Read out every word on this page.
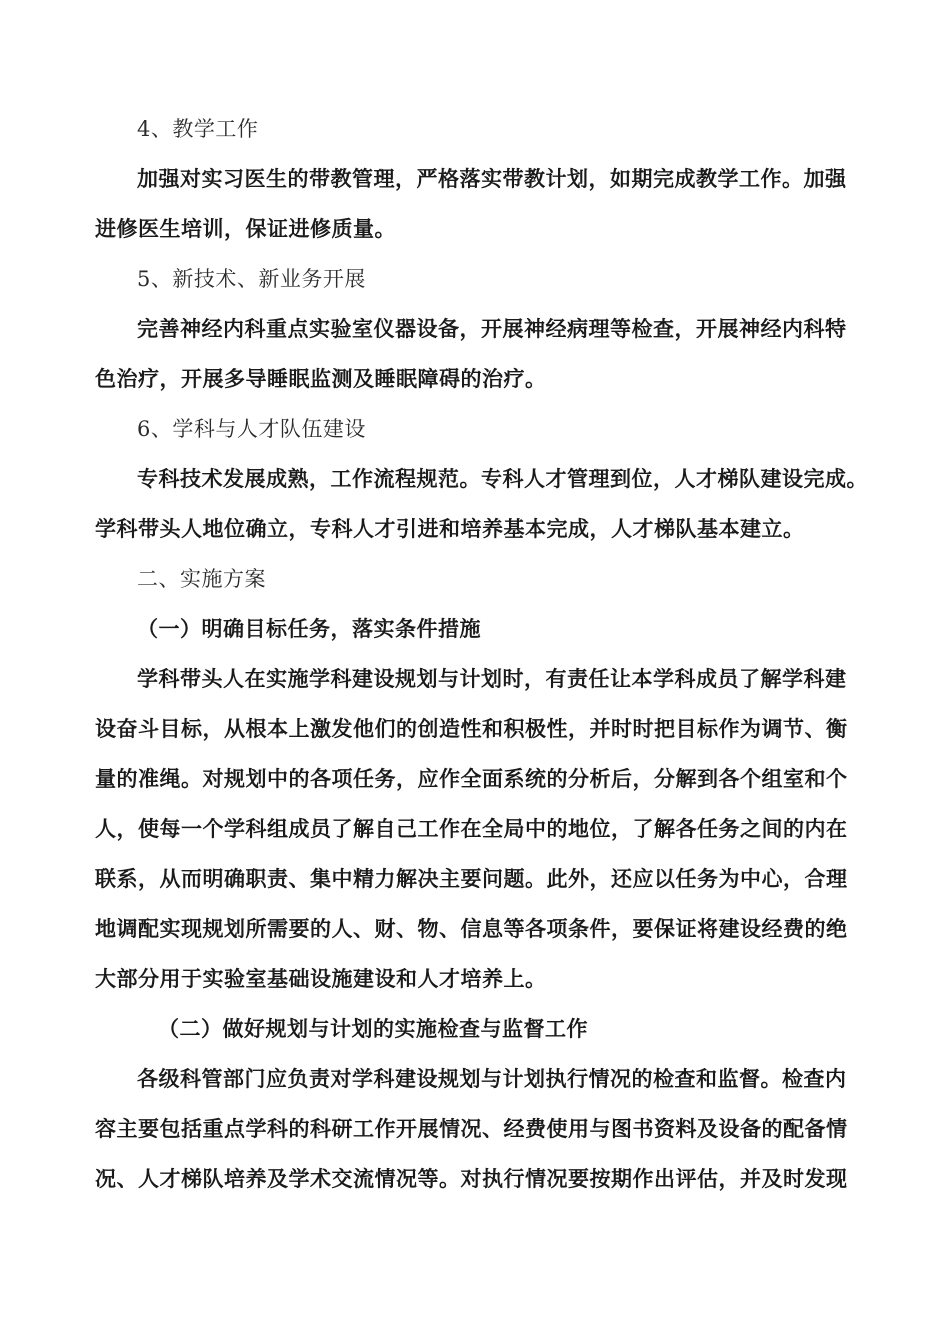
4、教学工作
加强对实习医生的带教管理，严格落实带教计划，如期完成教学工作。加强
进修医生培训，保证进修质量。
5、新技术、新业务开展
完善神经内科重点实验室仪器设备，开展神经病理等检查，开展神经内科特
色治疗，开展多导睡眠监测及睡眠障碍的治疗。
6、学科与人才队伍建设
专科技术发展成熟，工作流程规范。专科人才管理到位，人才梯队建设完成。
学科带头人地位确立，专科人才引进和培养基本完成，人才梯队基本建立。
二、实施方案
（一）明确目标任务，落实条件措施
学科带头人在实施学科建设规划与计划时，有责任让本学科成员了解学科建
设奋斗目标，从根本上激发他们的创造性和积极性，并时时把目标作为调节、衡
量的准绳。对规划中的各项任务，应作全面系统的分析后，分解到各个组室和个
人，使每一个学科组成员了解自己工作在全局中的地位，了解各任务之间的内在
联系，从而明确职责、集中精力解决主要问题。此外，还应以任务为中心，合理
地调配实现规划所需要的人、财、物、信息等各项条件，要保证将建设经费的绝
大部分用于实验室基础设施建设和人才培养上。
（二）做好规划与计划的实施检查与监督工作
各级科管部门应负责对学科建设规划与计划执行情况的检查和监督。检查内
容主要包括重点学科的科研工作开展情况、经费使用与图书资料及设备的配备情
况、人才梯队培养及学术交流情况等。对执行情况要按期作出评估，并及时发现
